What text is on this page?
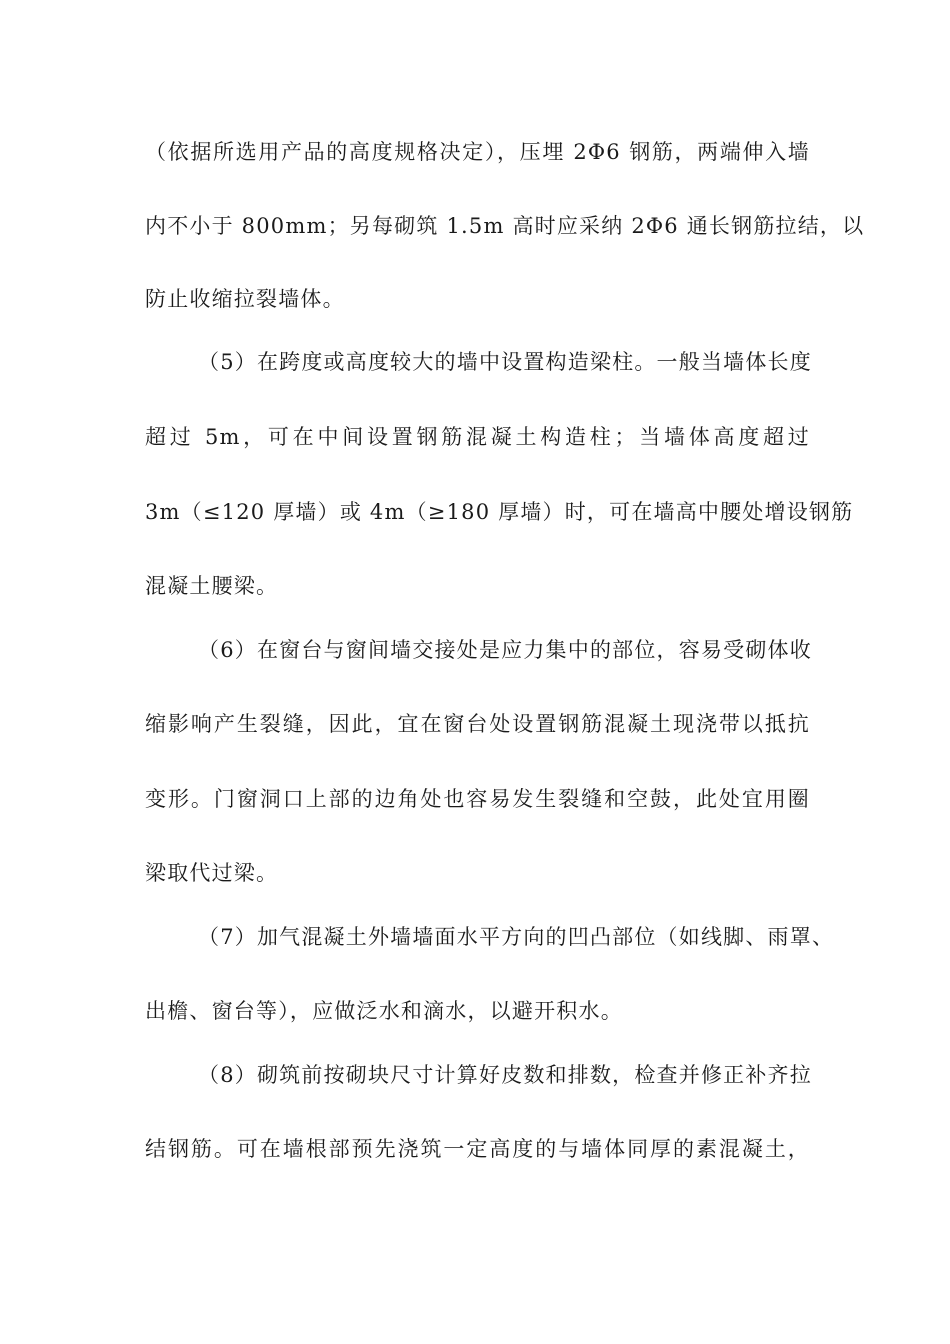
（依据所选用产品的高度规格决定），压埋 2Φ6 钢筋，两端伸入墙
内不小于 800mm；另每砌筑 1.5m 高时应采纳 2Φ6 通长钢筋拉结，以
防止收缩拉裂墙体。
（5）在跨度或高度较大的墙中设置构造梁柱。一般当墙体长度
超过 5m，可在中间设置钢筋混凝土构造柱；当墙体高度超过
3m（≤120 厚墙）或 4m（≥180 厚墙）时，可在墙高中腰处增设钢筋
混凝土腰梁。
（6）在窗台与窗间墙交接处是应力集中的部位，容易受砌体收
缩影响产生裂缝，因此，宜在窗台处设置钢筋混凝土现浇带以抵抗
变形。门窗洞口上部的边角处也容易发生裂缝和空鼓，此处宜用圈
梁取代过梁。
（7）加气混凝土外墙墙面水平方向的凹凸部位（如线脚、雨罩、
出檐、窗台等），应做泛水和滴水，以避开积水。
（8）砌筑前按砌块尺寸计算好皮数和排数，检查并修正补齐拉
结钢筋。可在墙根部预先浇筑一定高度的与墙体同厚的素混凝土，
